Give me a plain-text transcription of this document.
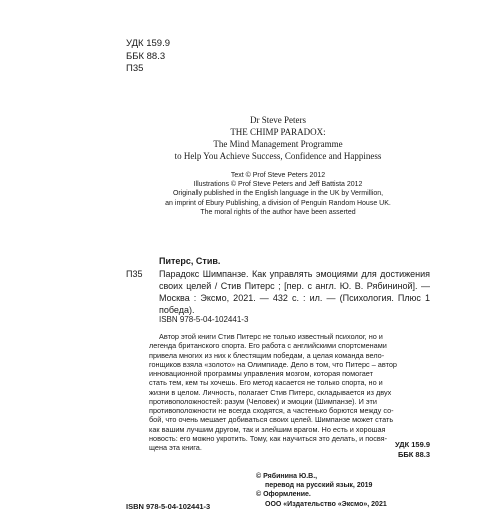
УДК 159.9
ББК 88.3
П35
Dr Steve Peters
THE CHIMP PARADOX:
The Mind Management Programme
to Help You Achieve Success, Confidence and Happiness
Text © Prof Steve Peters 2012
Illustrations © Prof Steve Peters and Jeff Battista 2012
Originally published in the English language in the UK by Vermillion,
an imprint of Ebury Publishing, a division of Penguin Random House UK.
The moral rights of the author have been asserted
Питерс, Стив.
П35 Парадокс Шимпанзе. Как управлять эмоциями для достижения своих целей / Стив Питерс ; [пер. с англ. Ю. В. Рябининой]. — Москва : Эксмо, 2021. — 432 с. : ил. — (Психология. Плюс 1 победа).
ISBN 978-5-04-102441-3
Автор этой книги Стив Питерс не только известный психолог, но и
легенда британского спорта. Его работа с английскими спортсменами
привела многих из них к блестящим победам, а целая команда вело-
гонщиков взяла «золото» на Олимпиаде. Дело в том, что Питерс – автор
инновационной программы управления мозгом, которая помогает
стать тем, кем ты хочешь. Его метод касается не только спорта, но и
жизни в целом. Личность, полагает Стив Питерс, складывается из двух
противоположностей: разум (Человек) и эмоции (Шимпанзе). И эти
противоположности не всегда сходятся, а частенько борются между со-
бой, что очень мешает добиваться своих целей. Шимпанзе может стать
как вашим лучшим другом, так и злейшим врагом. Но есть и хорошая
новость: его можно укротить. Тому, как научиться это делать, и посвя-
щена эта книга.	УДК 159.9
ББК 88.3
© Рябинина Ю.В.,
перевод на русский язык, 2019
© Оформление.
ООО «Издательство «Эксмо», 2021
ISBN 978-5-04-102441-3
